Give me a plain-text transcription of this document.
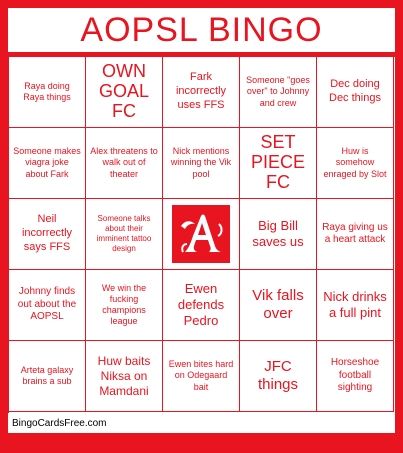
AOPSL BINGO
Raya doing Raya things
OWN GOAL FC
Fark incorrectly uses FFS
Someone "goes over" to Johnny and crew
Dec doing Dec things
Someone makes viagra joke about Fark
Alex threatens to walk out of theater
Nick mentions winning the Vik pool
SET PIECE FC
Huw is somehow enraged by Slot
Neil incorrectly says FFS
Someone talks about their imminent tattoo design
Big Bill saves us
Raya giving us a heart attack
Johnny finds out about the AOPSL
We win the fucking champions league
Ewen defends Pedro
Vik falls over
Nick drinks a full pint
Arteta galaxy brains a sub
Huw baits Niksa on Mamdani
Ewen bites hard on Odegaard bait
JFC things
Horseshoe football sighting
BingoCardsFree.com
